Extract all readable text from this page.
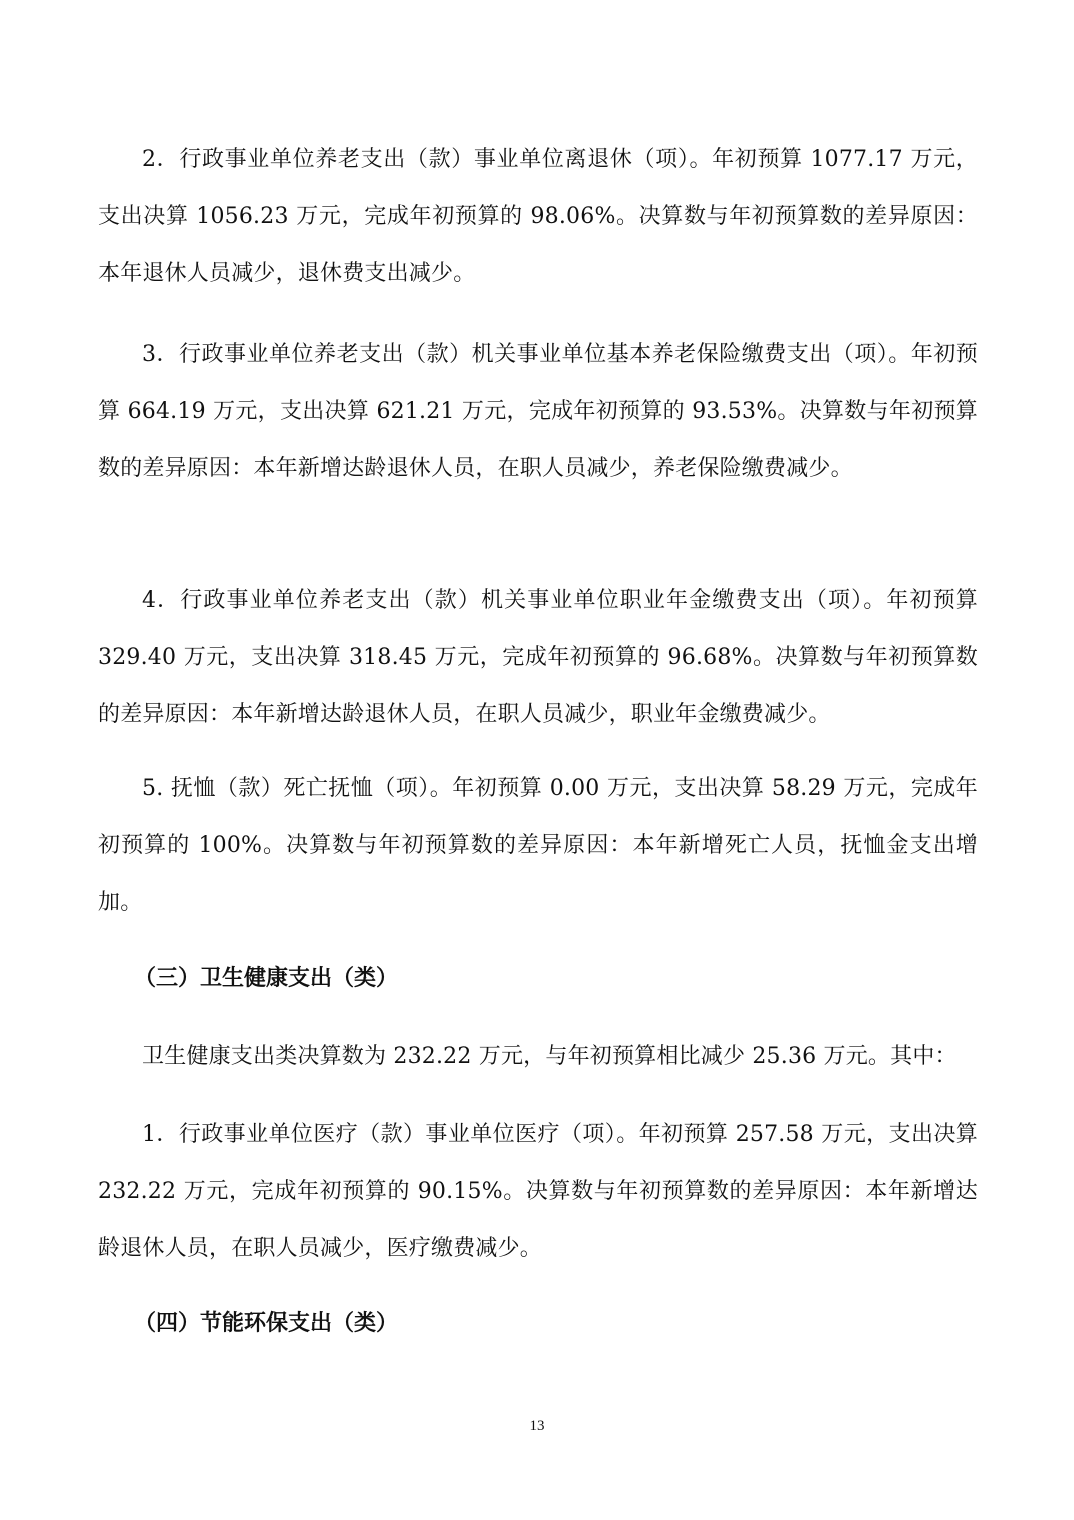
2．行政事业单位养老支出（款）事业单位离退休（项）。年初预算 1077.17 万元，支出决算 1056.23 万元，完成年初预算的 98.06%。决算数与年初预算数的差异原因：本年退休人员减少，退休费支出减少。

3．行政事业单位养老支出（款）机关事业单位基本养老保险缴费支出（项）。年初预算 664.19 万元，支出决算 621.21 万元，完成年初预算的 93.53%。决算数与年初预算数的差异原因：本年新增达龄退休人员，在职人员减少，养老保险缴费减少。

4．行政事业单位养老支出（款）机关事业单位职业年金缴费支出（项）。年初预算 329.40 万元，支出决算 318.45 万元，完成年初预算的 96.68%。决算数与年初预算数的差异原因：本年新增达龄退休人员，在职人员减少，职业年金缴费减少。

5. 抚恤（款）死亡抚恤（项）。年初预算 0.00 万元，支出决算 58.29 万元，完成年初预算的 100%。决算数与年初预算数的差异原因：本年新增死亡人员，抚恤金支出增加。

（三）卫生健康支出（类）

卫生健康支出类决算数为 232.22 万元，与年初预算相比减少 25.36 万元。其中：

1．行政事业单位医疗（款）事业单位医疗（项）。年初预算 257.58 万元，支出决算 232.22 万元，完成年初预算的 90.15%。决算数与年初预算数的差异原因：本年新增达龄退休人员，在职人员减少，医疗缴费减少。

（四）节能环保支出（类）

13
